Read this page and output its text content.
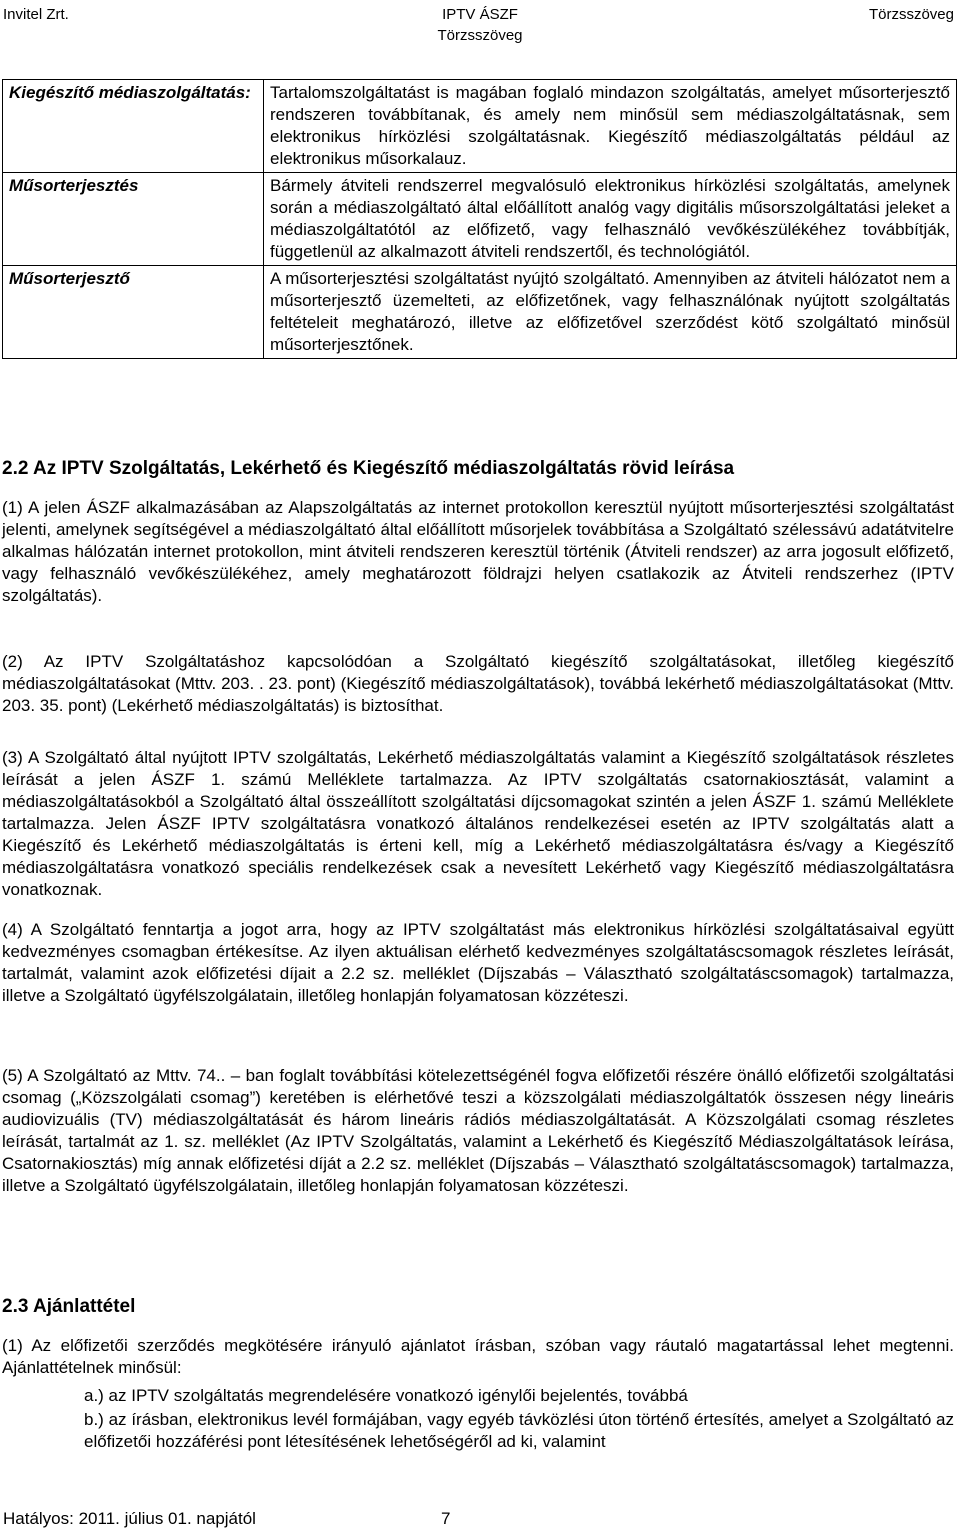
Invitel Zrt.	IPTV ÁSZF
Törzsszöveg
Törzsszöveg
Kiegészítő médiaszolgáltatás:	Tartalomszolgáltatást is magában foglaló mindazon szolgáltatás, amelyet műsorterjesztő rendszeren továbbítanak, és amely nem minősül sem médiaszolgáltatásnak, sem elektronikus hírközlési szolgáltatásnak. Kiegészítő médiaszolgáltatás például az elektronikus műsorkalauz.
Műsorterjesztés	Bármely átviteli rendszerrel megvalósuló elektronikus hírközlési szolgáltatás, amelynek során a médiaszolgáltató által előállított analóg vagy digitális műsorszolgáltatási jeleket a médiaszolgáltatótól az előfizető, vagy felhasználó vevőkészülékéhez továbbítják, függetlenül az alkalmazott átviteli rendszertől, és technológiától.
Műsorterjesztő	A műsorterjesztési szolgáltatást nyújtó szolgáltató. Amennyiben az átviteli hálózatot nem a műsorterjesztő üzemelteti, az előfizetőnek, vagy felhasználónak nyújtott szolgáltatás feltételeit meghatározó, illetve az előfizetővel szerződést kötő szolgáltató minősül műsorterjesztőnek.
2.2 Az IPTV Szolgáltatás, Lekérhető és Kiegészítő médiaszolgáltatás rövid leírása
(1) A jelen ÁSZF alkalmazásában az Alapszolgáltatás az internet protokollon keresztül nyújtott műsorterjesztési szolgáltatást jelenti, amelynek segítségével a médiaszolgáltató által előállított műsorjelek továbbítása a Szolgáltató szélessávú adatátvitelre alkalmas hálózatán internet protokollon, mint átviteli rendszeren keresztül történik (Átviteli rendszer) az arra jogosult előfizető, vagy felhasználó vevőkészülékéhez, amely meghatározott földrajzi helyen csatlakozik az Átviteli rendszerhez (IPTV szolgáltatás).
(2) Az IPTV Szolgáltatáshoz kapcsolódóan a Szolgáltató kiegészítő szolgáltatásokat, illetőleg kiegészítő médiaszolgáltatásokat (Mttv. 203. . 23. pont) (Kiegészítő médiaszolgáltatások), továbbá lekérhető médiaszolgáltatásokat (Mttv. 203. 35. pont) (Lekérhető médiaszolgáltatás) is biztosíthat.
(3) A Szolgáltató által nyújtott IPTV szolgáltatás, Lekérhető médiaszolgáltatás valamint a Kiegészítő szolgáltatások részletes leírását a jelen ÁSZF 1. számú Melléklete tartalmazza. Az IPTV szolgáltatás csatornakiosztását, valamint a médiaszolgáltatásokból a Szolgáltató által összeállított szolgáltatási díjcsomagokat szintén a jelen ÁSZF 1. számú Melléklete tartalmazza. Jelen ÁSZF IPTV szolgáltatásra vonatkozó általános rendelkezései esetén az IPTV szolgáltatás alatt a Kiegészítő és Lekérhető médiaszolgáltatás is érteni kell, míg a Lekérhető médiaszolgáltatásra és/vagy a Kiegészítő médiaszolgáltatásra vonatkozó speciális rendelkezések csak a nevesített Lekérhető vagy Kiegészítő médiaszolgáltatásra vonatkoznak.
(4) A Szolgáltató fenntartja a jogot arra, hogy az IPTV szolgáltatást más elektronikus hírközlési szolgáltatásaival együtt kedvezményes csomagban értékesítse. Az ilyen aktuálisan elérhető kedvezményes szolgáltatáscsomagok részletes leírását, tartalmát, valamint azok előfizetési díjait a 2.2 sz. melléklet (Díjszabás – Választható szolgáltatáscsomagok) tartalmazza, illetve a Szolgáltató ügyfélszolgálatain, illetőleg honlapján folyamatosan közzéteszi.
(5) A Szolgáltató az Mttv. 74.. – ban foglalt továbbítási kötelezettségénél fogva előfizetői részére önálló előfizetői szolgáltatási csomag („Közszolgálati csomag”) keretében is elérhetővé teszi a közszolgálati médiaszolgáltatók összesen négy lineáris audiovizuális (TV) médiaszolgáltatását és három lineáris rádiós médiaszolgáltatását. A Közszolgálati csomag részletes leírását, tartalmát az 1. sz. melléklet (Az IPTV Szolgáltatás, valamint a Lekérhető és Kiegészítő Médiaszolgáltatások leírása, Csatornakiosztás) míg annak előfizetési díját a 2.2 sz. melléklet (Díjszabás – Választható szolgáltatáscsomagok) tartalmazza, illetve a Szolgáltató ügyfélszolgálatain, illetőleg honlapján folyamatosan közzéteszi.
2.3 Ajánlattétel
(1) Az előfizetői szerződés megkötésére irányuló ajánlatot írásban, szóban vagy ráutaló magatartással lehet megtenni. Ajánlattételnek minősül:
a.) az IPTV szolgáltatás megrendelésére vonatkozó igénylői bejelentés, továbbá
b.) az írásban, elektronikus levél formájában, vagy egyéb távközlési úton történő értesítés, amelyet a Szolgáltató az előfizetői hozzáférési pont létesítésének lehetőségéről ad ki, valamint
Hatályos: 2011. július 01. napjától	7
